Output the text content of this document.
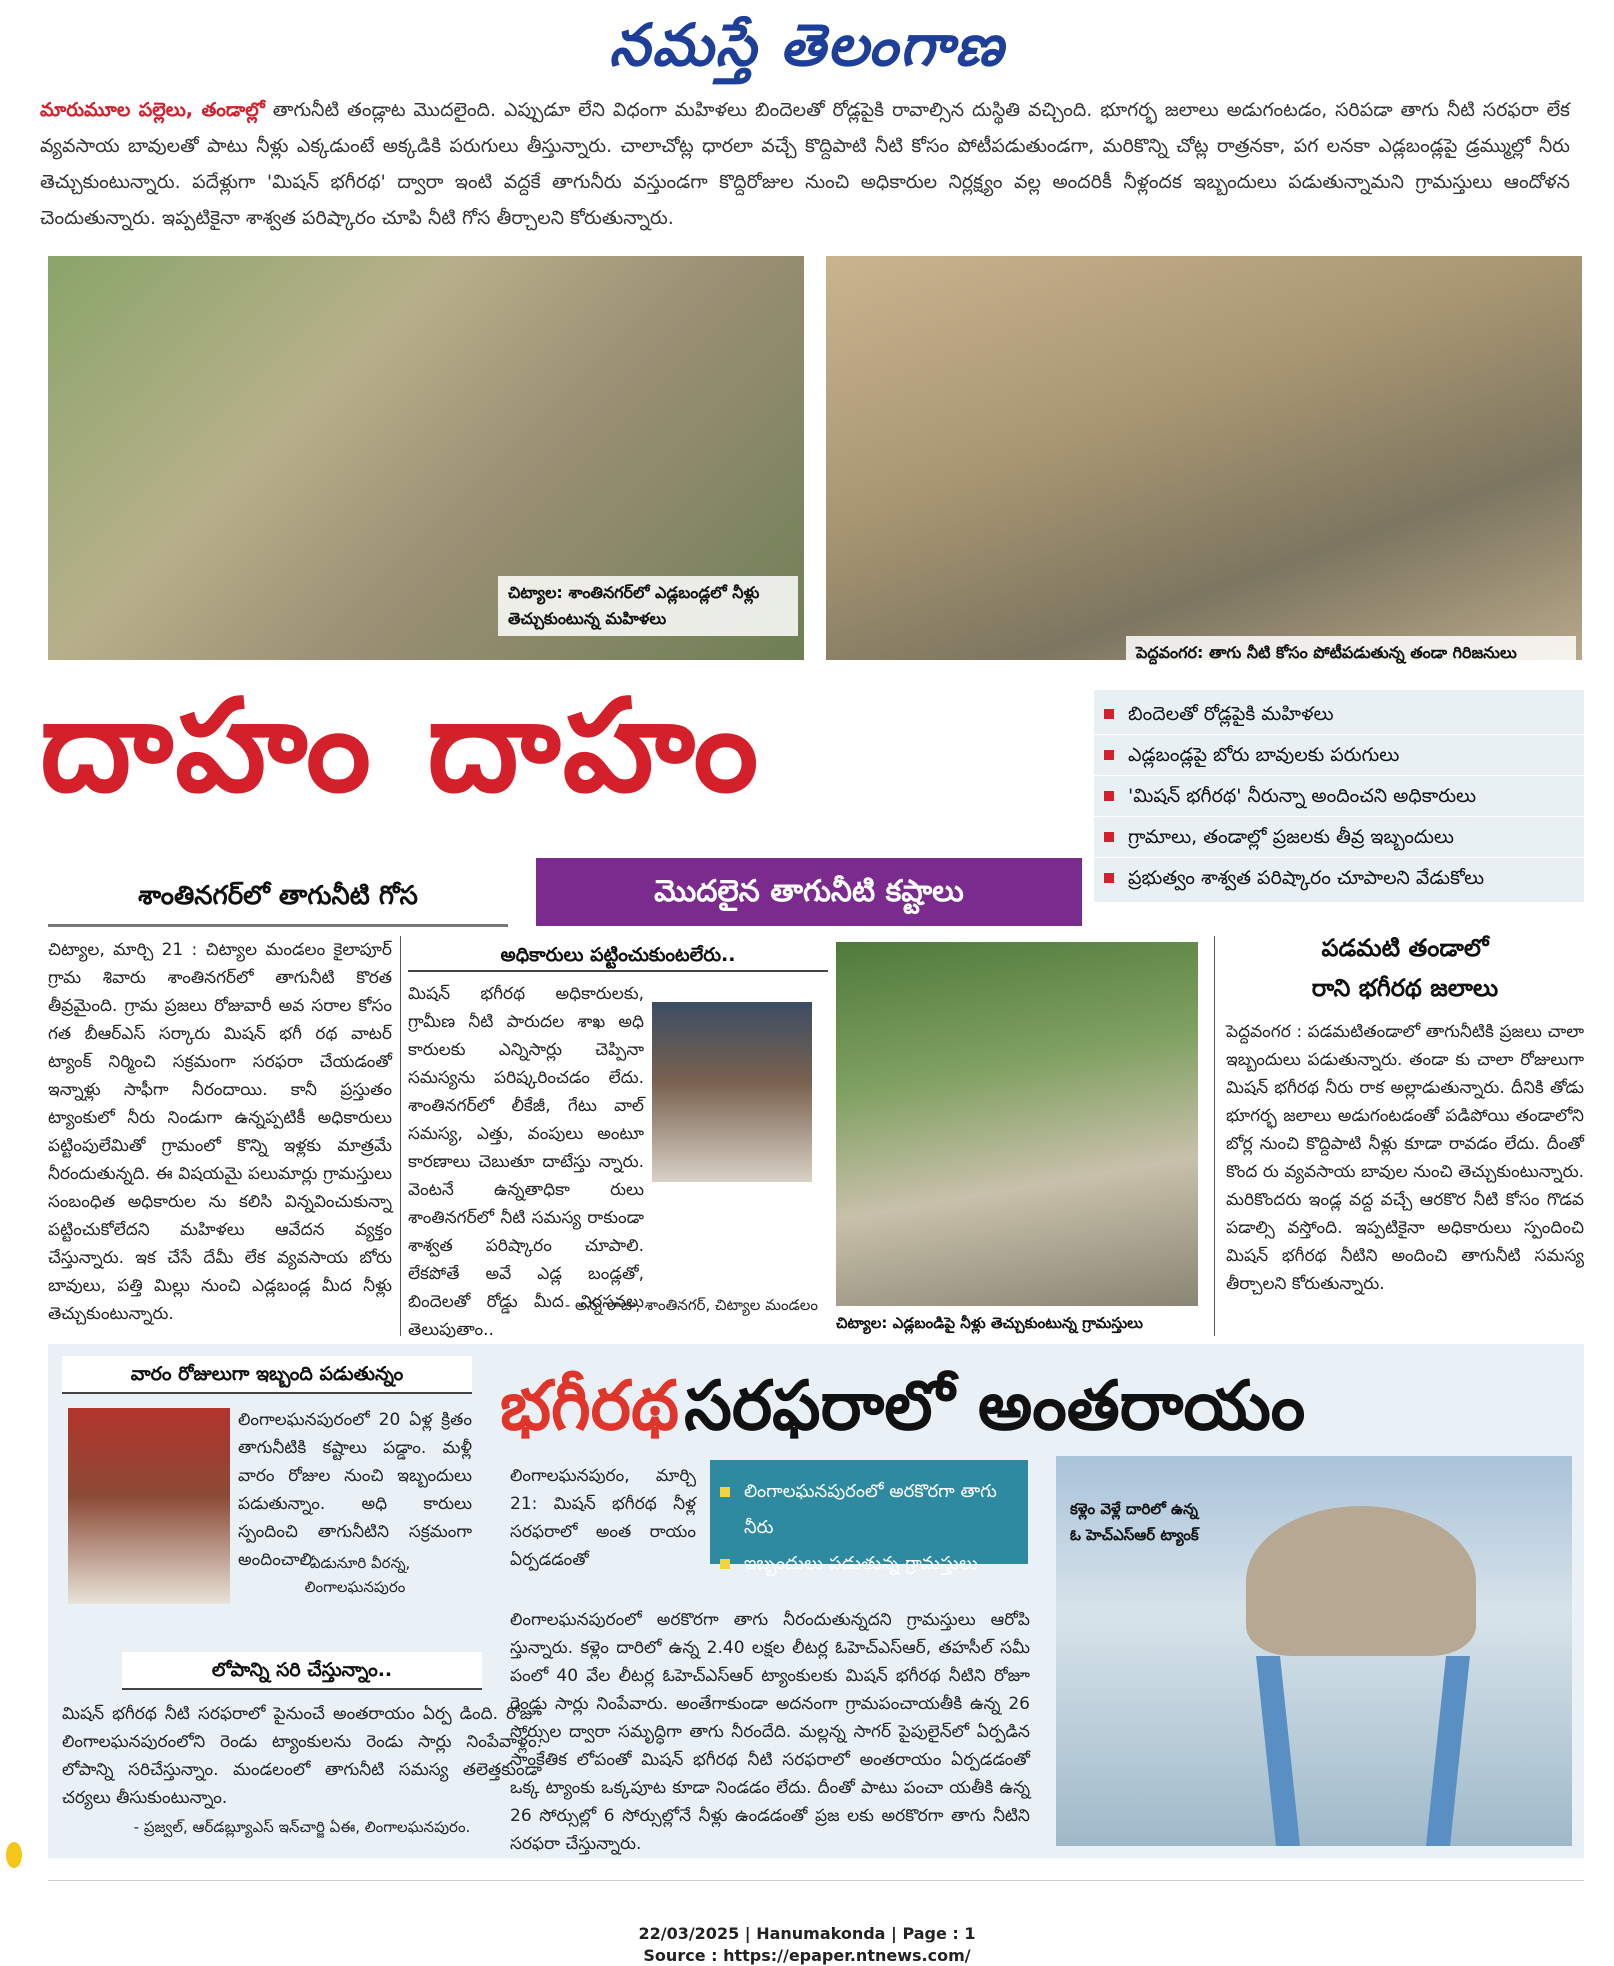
నమస్తే తెలంగాణ
మారుమూల పల్లెలు, తండాల్లో తాగునీటి తండ్లాట మొదలైంది. ఎప్పుడూ లేని విధంగా మహిళలు బిందెలతో రోడ్లపైకి రావాల్సిన దుస్థితి వచ్చింది. భూగర్భ జలాలు అడుగంటడం, సరిపడా తాగు నీటి సరఫరా లేక వ్యవసాయ బావులతో పాటు నీళ్లు ఎక్కడుంటే అక్కడికి పరుగులు తీస్తున్నారు. చాలాచోట్ల ధారలా వచ్చే కొద్దిపాటి నీటి కోసం పోటీపడుతుండగా, మరికొన్ని చోట్ల రాత్రనకా, పగ లనకా ఎడ్లబండ్లపై డ్రమ్ముల్లో నీరు తెచ్చుకుంటున్నారు. పదేళ్లుగా 'మిషన్ భగీరథ' ద్వారా ఇంటి వద్దకే తాగునీరు వస్తుండగా కొద్దిరోజుల నుంచి అధికారుల నిర్లక్ష్యం వల్ల అందరికీ నీళ్లందక ఇబ్బందులు పడుతున్నామని గ్రామస్తులు ఆందోళన చెందుతున్నారు. ఇప్పటికైనా శాశ్వత పరిష్కారం చూపి నీటి గోస తీర్చాలని కోరుతున్నారు.
చిట్యాల: శాంతినగర్‌లో ఎడ్లబండ్లలో నీళ్లు తెచ్చుకుంటున్న మహిళలు
పెద్దవంగర: తాగు నీటి కోసం పోటీపడుతున్న తండా గిరిజనులు
దాహం దాహం	బిందెలతో రోడ్లపైకి మహిళలు
ఎడ్లబండ్లపై బోరు బావులకు పరుగులు
'మిషన్ భగీరథ' నీరున్నా అందించని అధికారులు
గ్రామాలు, తండాల్లో ప్రజలకు తీవ్ర ఇబ్బందులు
ప్రభుత్వం శాశ్వత పరిష్కారం చూపాలని వేడుకోలు
శాంతినగర్‌లో తాగునీటి గోస	మొదలైన తాగునీటి కష్టాలు
చిట్యాల, మార్చి 21 : చిట్యాల మండలం కైలాపూర్ గ్రామ శివారు శాంతినగర్‌లో తాగునీటి కొరత తీవ్రమైంది. గ్రామ ప్రజలు రోజువారీ అవ సరాల కోసం గత బీఆర్‌ఎస్ సర్కారు మిషన్ భగీ రథ వాటర్ ట్యాంక్ నిర్మించి సక్రమంగా సరఫరా చేయడంతో ఇన్నాళ్లు సాఫీగా నీరందాయి. కానీ ప్రస్తుతం ట్యాంకులో నీరు నిండుగా ఉన్నప్పటికీ అధికారులు పట్టింపులేమితో గ్రామంలో కొన్ని ఇళ్లకు మాత్రమే నీరందుతున్నది. ఈ విషయమై పలుమార్లు గ్రామస్తులు సంబంధిత అధికారుల ను కలిసి విన్నవించుకున్నా పట్టించుకోలేదని మహిళలు ఆవేదన వ్యక్తం చేస్తున్నారు. ఇక చేసే దేమీ లేక వ్యవసాయ బోరు బావులు, పత్తి మిల్లు నుంచి ఎడ్లబండ్ల మీద నీళ్లు తెచ్చుకుంటున్నారు.
అధికారులు పట్టించుకుంటలేరు..
మిషన్ భగీరథ అధికారులకు, గ్రామీణ నీటి పారుదల శాఖ అధి కారులకు ఎన్నిసార్లు చెప్పినా సమస్యను పరిష్కరించడం లేదు. శాంతినగర్‌లో లీకేజీ, గేటు వాల్ సమస్య, ఎత్తు, వంపులు అంటూ కారణాలు చెబుతూ దాటేస్తు న్నారు. వెంటనే ఉన్నతాధికా రులు శాంతినగర్‌లో నీటి సమస్య రాకుండా శాశ్వత పరిష్కారం చూపాలి. లేకపోతే అవే ఎడ్ల బండ్లతో, బిందెలతో రోడ్డు మీద నిరసనలు తెలుపుతాం..
- అన్న రాజు, శాంతినగర్, చిట్యాల మండలం
చిట్యాల: ఎడ్లబండిపై నీళ్లు తెచ్చుకుంటున్న గ్రామస్తులు
పడమటి తండాలో
రాని భగీరథ జలాలు
పెద్దవంగర : పడమటితండాలో తాగునీటికి ప్రజలు చాలా ఇబ్బందులు పడుతున్నారు. తండా కు చాలా రోజులుగా మిషన్ భగీరథ నీరు రాక అల్లాడుతున్నారు. దీనికి తోడు భూగర్భ జలాలు అడుగంటడంతో పడిపోయి తండాలోని బోర్ల నుంచి కొద్దిపాటి నీళ్లు కూడా రావడం లేదు. దీంతో కొంద రు వ్యవసాయ బావుల నుంచి తెచ్చుకుంటున్నారు. మరికొందరు ఇండ్ల వద్ద వచ్చే ఆరకొర నీటి కోసం గొడవ పడాల్సి వస్తోంది. ఇప్పటికైనా అధికారులు స్పందించి మిషన్ భగీరథ నీటిని అందించి తాగునీటి సమస్య తీర్చాలని కోరుతున్నారు.
వారం రోజులుగా ఇబ్బంది పడుతున్నం
లింగాలఘనపురంలో 20 ఏళ్ల క్రితం తాగునీటికి కష్టాలు పడ్డాం. మళ్లీ వారం రోజుల నుంచి ఇబ్బందులు పడుతున్నాం. అధి కారులు స్పందించి తాగునీటిని సక్రమంగా అందించాలి.
- ఏడునూరి వీరన్న,
లింగాలఘనపురం
లోపాన్ని సరి చేస్తున్నాం..
మిషన్ భగీరథ నీటి సరఫరాలో పైనుంచే అంతరాయం ఏర్ప డింది. రోజూ లింగాలఘనపురంలోని రెండు ట్యాంకులను రెండు సార్లు నింపేవాళ్లం. లోపాన్ని సరిచేస్తున్నాం. మండలంలో తాగునీటి సమస్య తలెత్తకుండా చర్యలు తీసుకుంటున్నాం.
- ప్రజ్వల్, ఆర్‌డబ్ల్యూఎస్ ఇన్‌చార్జి ఏఈ, లింగాలఘనపురం.
భగీరథ సరఫరాలో అంతరాయం
లింగాలఘనపురం, మార్చి 21: మిషన్ భగీరథ నీళ్ల సరఫరాలో అంత రాయం ఏర్పడడంతో
లింగాలఘనపురంలో అరకొరగా తాగు నీరు
ఇబ్బందులు పడుతున్న గ్రామస్తులు
లింగాలఘనపురంలో అరకొరగా తాగు నీరందుతున్నదని గ్రామస్తులు ఆరోపి స్తున్నారు. కళ్లెం దారిలో ఉన్న 2.40 లక్షల లీటర్ల ఓహెచ్‌ఎస్‌ఆర్, తహసీల్ సమీ పంలో 40 వేల లీటర్ల ఓహెచ్‌ఎస్‌ఆర్ ట్యాంకులకు మిషన్ భగీరథ నీటిని రోజూ రెండు సార్లు నింపేవారు. అంతేగాకుండా అదనంగా గ్రామపంచాయతీకి ఉన్న 26 సోర్సుల ద్వారా సమృద్ధిగా తాగు నీరందేది. మల్లన్న సాగర్ పైపులైన్‌లో ఏర్పడిన సాంకేతిక లోపంతో మిషన్ భగీరథ నీటి సరఫరాలో అంతరాయం ఏర్పడడంతో ఒక్క ట్యాంకు ఒక్కపూట కూడా నిండడం లేదు. దీంతో పాటు పంచా యతీకి ఉన్న 26 సోర్సుల్లో 6 సోర్సుల్లోనే నీళ్లు ఉండడంతో ప్రజ లకు అరకొరగా తాగు నీటిని సరఫరా చేస్తున్నారు.
కళ్లెం వెళ్లే దారిలో ఉన్న ఓ హెచ్‌ఎస్‌ఆర్ ట్యాంక్
22/03/2025 | Hanumakonda | Page : 1
Source : https://epaper.ntnews.com/
